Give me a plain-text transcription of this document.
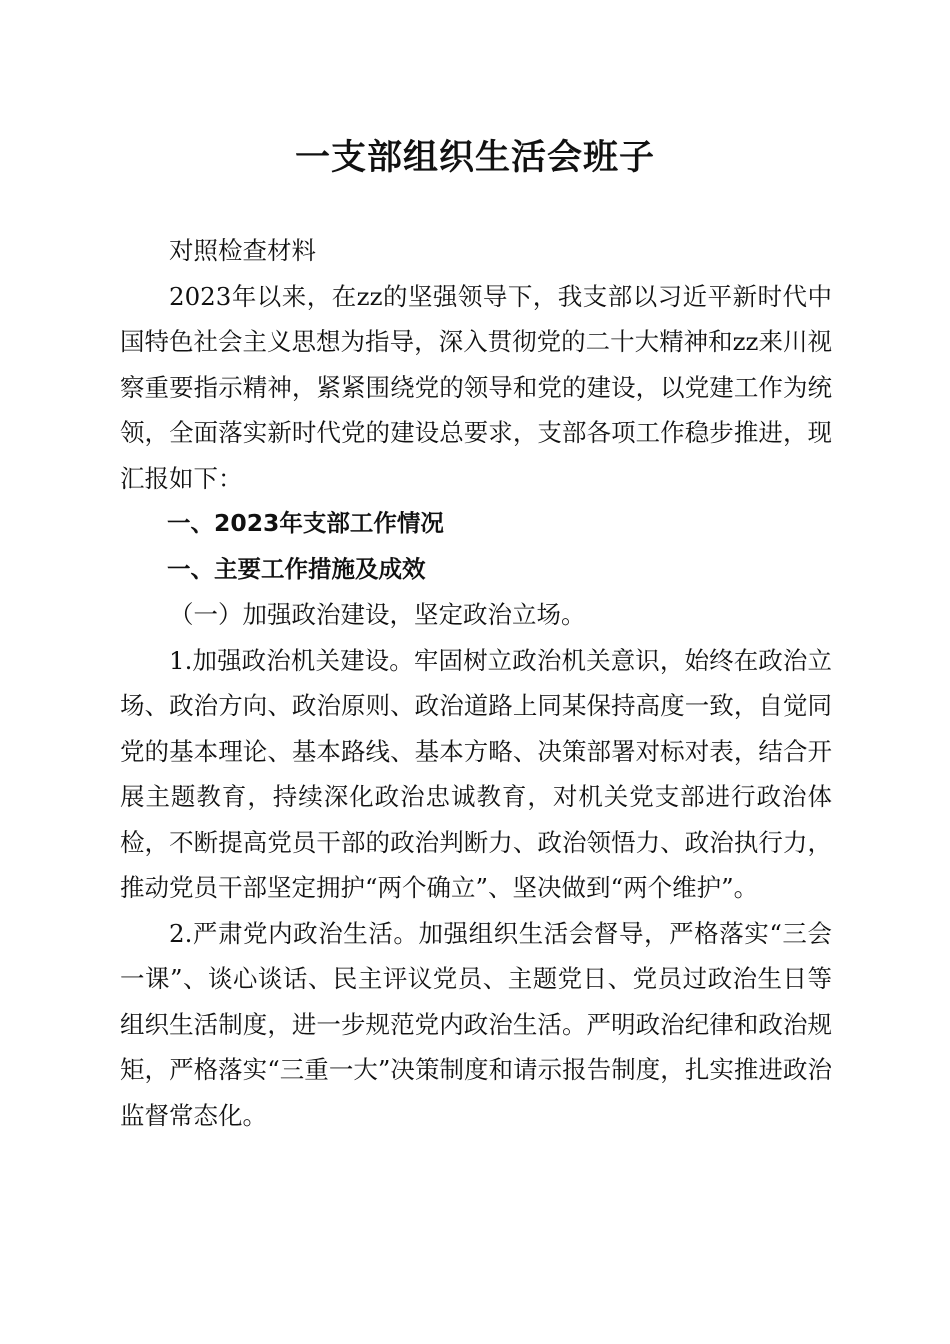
一支部组织生活会班子

对照检查材料

2023年以来，在zz的坚强领导下，我支部以习近平新时代中国特色社会主义思想为指导，深入贯彻党的二十大精神和zz来川视察重要指示精神，紧紧围绕党的领导和党的建设，以党建工作为统领，全面落实新时代党的建设总要求，支部各项工作稳步推进，现汇报如下：

一、2023年支部工作情况

一、主要工作措施及成效

（一）加强政治建设，坚定政治立场。

1.加强政治机关建设。牢固树立政治机关意识，始终在政治立场、政治方向、政治原则、政治道路上同某保持高度一致，自觉同党的基本理论、基本路线、基本方略、决策部署对标对表，结合开展主题教育，持续深化政治忠诚教育，对机关党支部进行政治体检，不断提高党员干部的政治判断力、政治领悟力、政治执行力，推动党员干部坚定拥护“两个确立”、坚决做到“两个维护”。

2.严肃党内政治生活。加强组织生活会督导，严格落实“三会一课”、谈心谈话、民主评议党员、主题党日、党员过政治生日等组织生活制度，进一步规范党内政治生活。严明政治纪律和政治规矩，严格落实“三重一大”决策制度和请示报告制度，扎实推进政治监督常态化。
